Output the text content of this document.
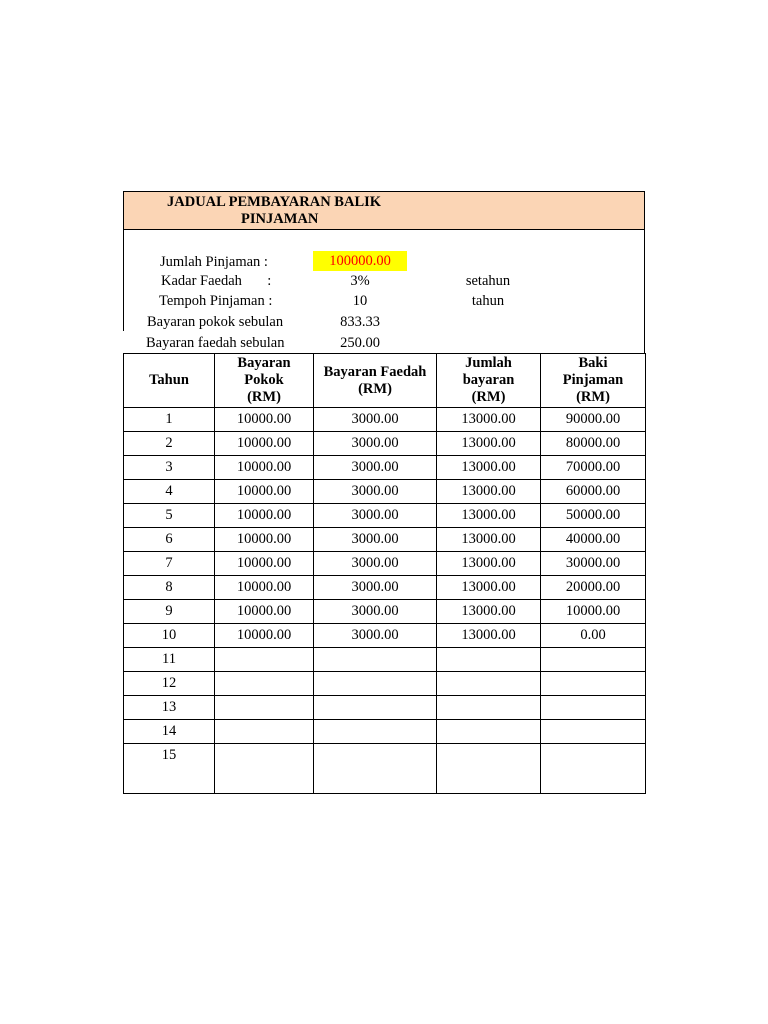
JADUAL PEMBAYARAN BALIK
PINJAMAN
Jumlah Pinjaman :	100000.00
Kadar Faedah       :	3%	setahun
Tempoh Pinjaman :	10	tahun
Bayaran pokok sebulan	833.33
Bayaran faedah sebulan	250.00
Tahun	Bayaran Pokok (RM)	Bayaran Faedah (RM)	Jumlah bayaran (RM)	Baki Pinjaman (RM)
1	10000.00	3000.00	13000.00	90000.00
2	10000.00	3000.00	13000.00	80000.00
3	10000.00	3000.00	13000.00	70000.00
4	10000.00	3000.00	13000.00	60000.00
5	10000.00	3000.00	13000.00	50000.00
6	10000.00	3000.00	13000.00	40000.00
7	10000.00	3000.00	13000.00	30000.00
8	10000.00	3000.00	13000.00	20000.00
9	10000.00	3000.00	13000.00	10000.00
10	10000.00	3000.00	13000.00	0.00
11				
12				
13				
14				
15				
